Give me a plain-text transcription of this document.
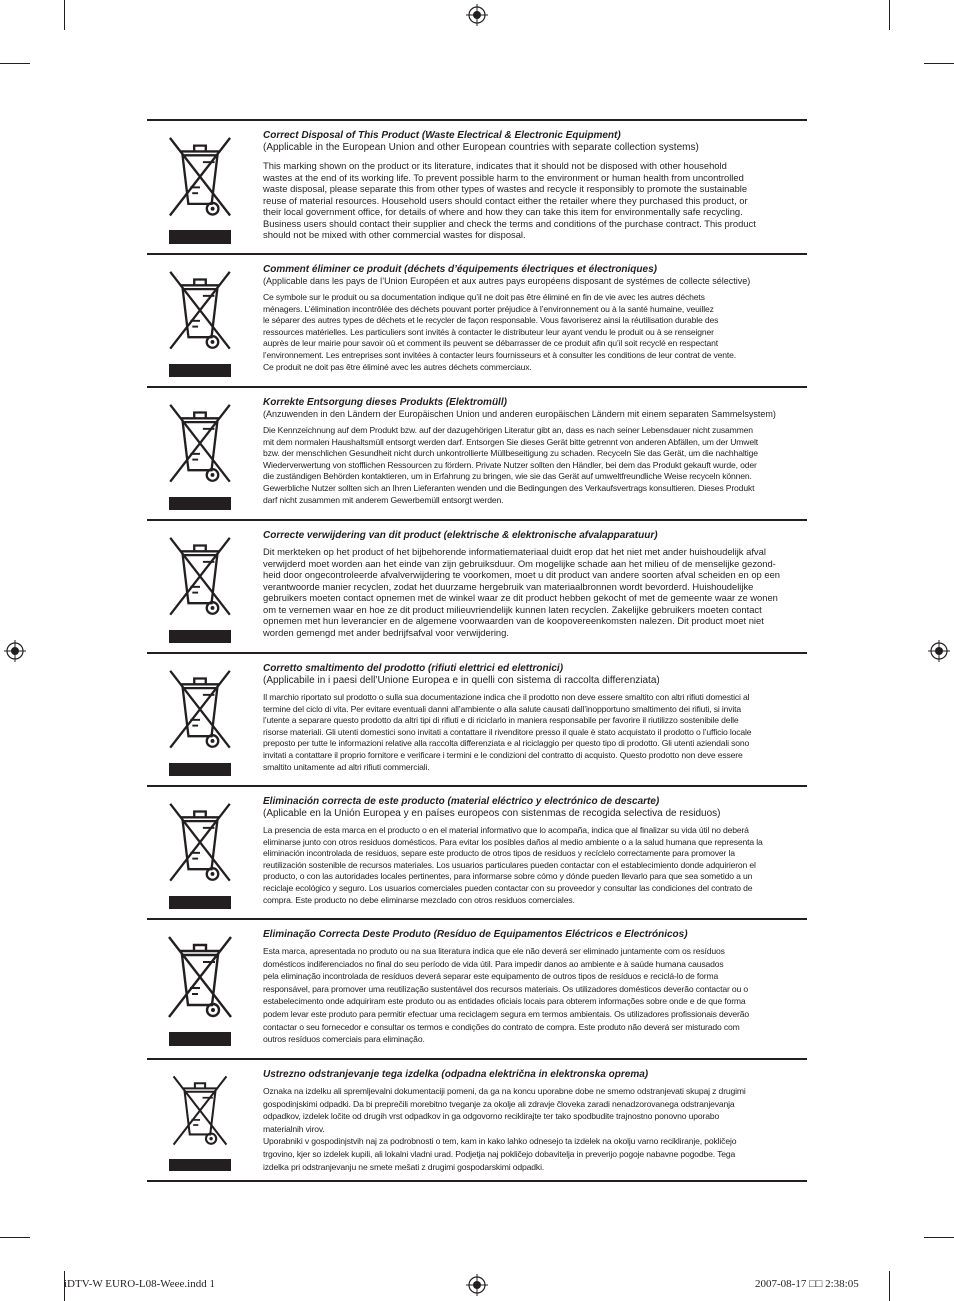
Correct Disposal of This Product (Waste Electrical & Electronic Equipment)
(Applicable in the European Union and other European countries with separate collection systems)
This marking shown on the product or its literature, indicates that it should not be disposed with other household
wastes at the end of its working life. To prevent possible harm to the environment or human health from uncontrolled
waste disposal, please separate this from other types of wastes and recycle it responsibly to promote the sustainable
reuse of material resources. Household users should contact either the retailer where they purchased this product, or
their local government office, for details of where and how they can take this item for environmentally safe recycling.
Business users should contact their supplier and check the terms and conditions of the purchase contract. This product
should not be mixed with other commercial wastes for disposal.
Comment éliminer ce produit (déchets d’équipements électriques et électroniques)
(Applicable dans les pays de l’Union Européen et aux autres pays européens disposant de systémes de collecte sélective)
Ce symbole sur le produit ou sa documentation indique qu’il ne doit pas être éliminé en fin de vie avec les autres déchets
ménagers. L’élimination incontrôlée des déchets pouvant porter préjudice à l’environnement ou à la santé humaine, veuillez
le séparer des autres types de déchets et le recycler de façon responsable. Vous favoriserez ainsi la réutilisation durable des
ressources matérielles. Les particuliers sont invités à contacter le distributeur leur ayant vendu le produit ou à se renseigner
auprès de leur mairie pour savoir où et comment ils peuvent se débarrasser de ce produit afin qu’il soit recyclé en respectant
l’environnement. Les entreprises sont invitées à contacter leurs fournisseurs et à consulter les conditions de leur contrat de vente.
Ce produit ne doit pas être éliminé avec les autres déchets commerciaux.
Korrekte Entsorgung dieses Produkts (Elektromüll)
(Anzuwenden in den Ländern der Europäischen Union und anderen europäischen Ländern mit einem separaten Sammelsystem)
Die Kennzeichnung auf dem Produkt bzw. auf der dazugehörigen Literatur gibt an, dass es nach seiner Lebensdauer nicht zusammen
mit dem normalen Haushaltsmüll entsorgt werden darf. Entsorgen Sie dieses Gerät bitte getrennt von anderen Abfällen, um der Umwelt
bzw. der menschlichen Gesundheit nicht durch unkontrollierte Müllbeseitigung zu schaden. Recyceln Sie das Gerät, um die nachhaltige
Wiederverwertung von stofflichen Ressourcen zu fördern. Private Nutzer sollten den Händler, bei dem das Produkt gekauft wurde, oder
die zuständigen Behörden kontaktieren, um in Erfahrung zu bringen, wie sie das Gerät auf umweltfreundliche Weise recyceln können.
Gewerbliche Nutzer sollten sich an Ihren Lieferanten wenden und die Bedingungen des Verkaufsvertrags konsultieren. Dieses Produkt
darf nicht zusammen mit anderem Gewerbemüll entsorgt werden.
Correcte verwijdering van dit product (elektrische & elektronische afvalapparatuur)
Dit merkteken op het product of het bijbehorende informatiemateriaal duidt erop dat het niet met ander huishoudelijk afval
verwijderd moet worden aan het einde van zijn gebruiksduur. Om mogelijke schade aan het milieu of de menselijke gezond-
heid door ongecontroleerde afvalverwijdering te voorkomen, moet u dit product van andere soorten afval scheiden en op een
verantwoorde manier recyclen, zodat het duurzame hergebruik van materiaalbronnen wordt bevorderd. Huishoudelijke
gebruikers moeten contact opnemen met de winkel waar ze dit product hebben gekocht of met de gemeente waar ze wonen
om te vernemen waar en hoe ze dit product milieuvriendelijk kunnen laten recyclen. Zakelijke gebruikers moeten contact
opnemen met hun leverancier en de algemene voorwaarden van de koopovereenkomsten nalezen. Dit product moet niet
worden gemengd met ander bedrijfsafval voor verwijdering.
Corretto smaltimento del prodotto (rifiuti elettrici ed elettronici)
(Applicabile in i paesi dell’Unione Europea e in quelli con sistema di raccolta differenziata)
Il marchio riportato sul prodotto o sulla sua documentazione indica che il prodotto non deve essere smaltito con altri rifiuti domestici al
termine del ciclo di vita. Per evitare eventuali danni all’ambiente o alla salute causati dall’inopportuno smaltimento dei rifiuti, si invita
l’utente a separare questo prodotto da altri tipi di rifiuti e di riciclarlo in maniera responsabile per favorire il riutilizzo sostenibile delle
risorse materiali. Gli utenti domestici sono invitati a contattare il rivenditore presso il quale è stato acquistato il prodotto o l’ufficio locale
preposto per tutte le informazioni relative alla raccolta differenziata e al riciclaggio per questo tipo di prodotto. Gli utenti aziendali sono
invitati a contattare il proprio fornitore e verificare i termini e le condizioni del contratto di acquisto. Questo prodotto non deve essere
smaltito unitamente ad altri rifiuti commerciali.
Eliminación correcta de este producto (material eléctrico y electrónico de descarte)
(Aplicable en la Unión Europea y en países europeos con sistenmas de recogida selectiva de residuos)
La presencia de esta marca en el producto o en el material informativo que lo acompaña, indica que al finalizar su vida útil no deberá
eliminarse junto con otros residuos domésticos. Para evitar los posibles daños al medio ambiente o a la salud humana que representa la
eliminación incontrolada de residuos, separe este producto de otros tipos de residuos y recíclelo correctamente para promover la
reutilización sostenible de recursos materiales. Los usuarios particulares pueden contactar con el establecimiento donde adquirieron el
producto, o con las autoridades locales pertinentes, para informarse sobre cómo y dónde pueden llevarlo para que sea sometido a un
reciclaje ecológico y seguro. Los usuarios comerciales pueden contactar con su proveedor y consultar las condiciones del contrato de
compra. Este producto no debe eliminarse mezclado con otros residuos comerciales.
Eliminação Correcta Deste Produto (Resíduo de Equipamentos Eléctricos e Electrónicos)
Esta marca, apresentada no produto ou na sua literatura indica que ele não deverá ser eliminado juntamente com os resíduos
domésticos indiferenciados no final do seu período de vida útil. Para impedir danos ao ambiente e à saúde humana causados
pela eliminação incontrolada de resíduos deverá separar este equipamento de outros tipos de resíduos e reciclá-lo de forma
responsável, para promover uma reutilização sustentável dos recursos materiais. Os utilizadores domésticos deverão contactar ou o
estabelecimento onde adquiriram este produto ou as entidades oficiais locais para obterem informações sobre onde e de que forma
podem levar este produto para permitir efectuar uma reciclagem segura em termos ambientais. Os utilizadores profissionais deverão
contactar o seu fornecedor e consultar os termos e condições do contrato de compra. Este produto não deverá ser misturado com
outros resíduos comerciais para eliminação.
Ustrezno odstranjevanje tega izdelka (odpadna električna in elektronska oprema)
Oznaka na izdelku ali spremljevalni dokumentaciji pomeni, da ga na koncu uporabne dobe ne smemo odstranjevati skupaj z drugimi
gospodinjskimi odpadki. Da bi preprečili morebitno tveganje za okolje ali zdravje človeka zaradi nenadzorovanega odstranjevanja
odpadkov, izdelek ločite od drugih vrst odpadkov in ga odgovorno reciklirajte ter tako spodbudite trajnostno ponovno uporabo
materialnih virov.
Uporabniki v gospodinjstvih naj za podrobnosti o tem, kam in kako lahko odnesejo ta izdelek na okolju varno recikliranje, pokličejo
trgovino, kjer so izdelek kupili, ali lokalni vladni urad. Podjetja naj pokličejo dobavitelja in preverijo pogoje nabavne pogodbe. Tega
izdelka pri odstranjevanju ne smete mešati z drugimi gospodarskimi odpadki.
iDTV-W EURO-L08-Weee.indd 1	2007-08-17 □□ 2:38:05
